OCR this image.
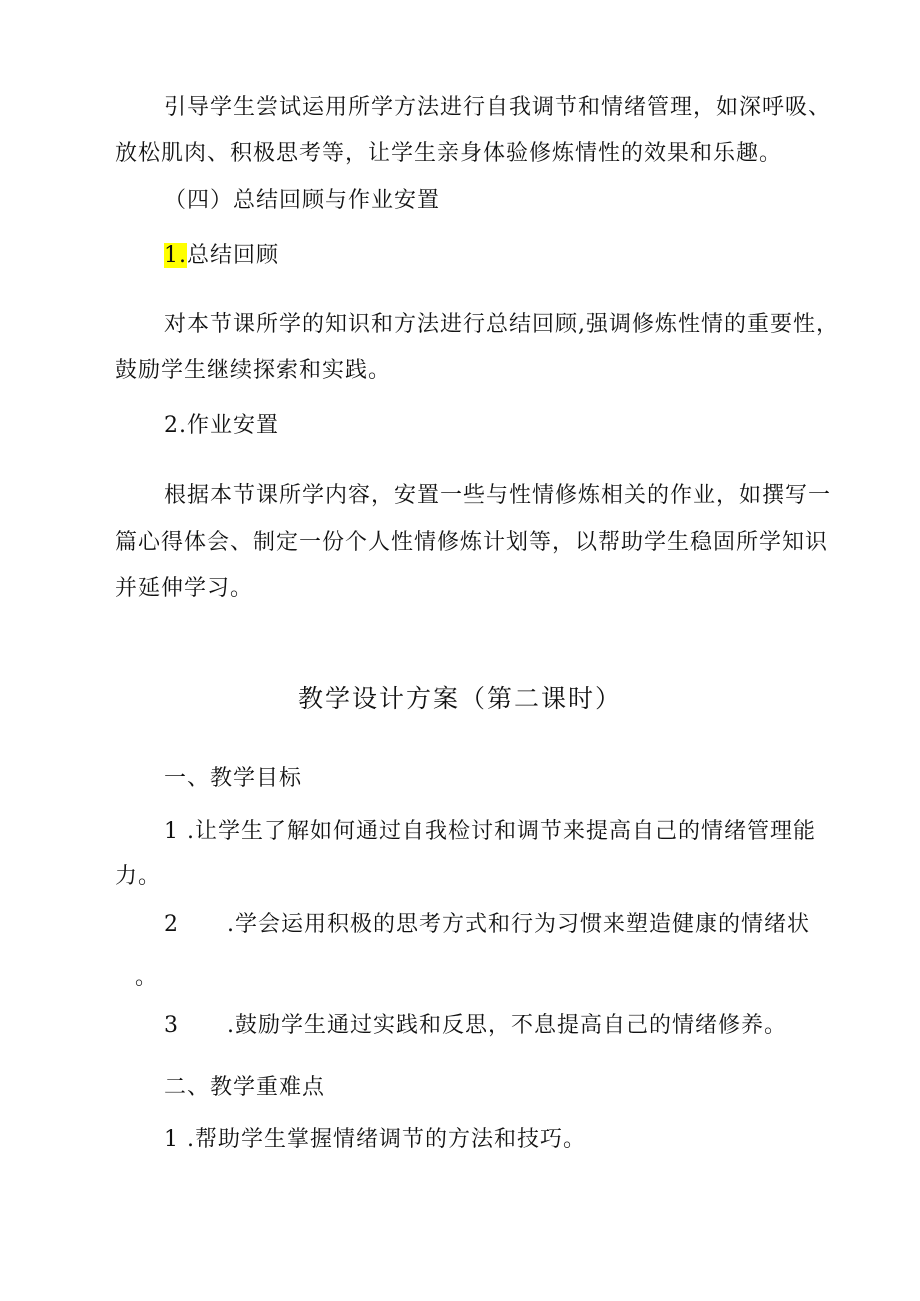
引导学生尝试运用所学方法进行自我调节和情绪管理，如深呼吸、
放松肌肉、积极思考等，让学生亲身体验修炼情性的效果和乐趣。
（四）总结回顾与作业安置
1.总结回顾
对本节课所学的知识和方法进行总结回顾,强调修炼性情的重要性，
鼓励学生继续探索和实践。
2.作业安置
根据本节课所学内容，安置一些与性情修炼相关的作业，如撰写一
篇心得体会、制定一份个人性情修炼计划等，以帮助学生稳固所学知识
并延伸学习。
教学设计方案（第二课时）
一、教学目标
1 .让学生了解如何通过自我检讨和调节来提高自己的情绪管理能
力。
2 .学会运用积极的思考方式和行为习惯来塑造健康的情绪状
。
3 .鼓励学生通过实践和反思，不息提高自己的情绪修养。
二、教学重难点
1 .帮助学生掌握情绪调节的方法和技巧。
